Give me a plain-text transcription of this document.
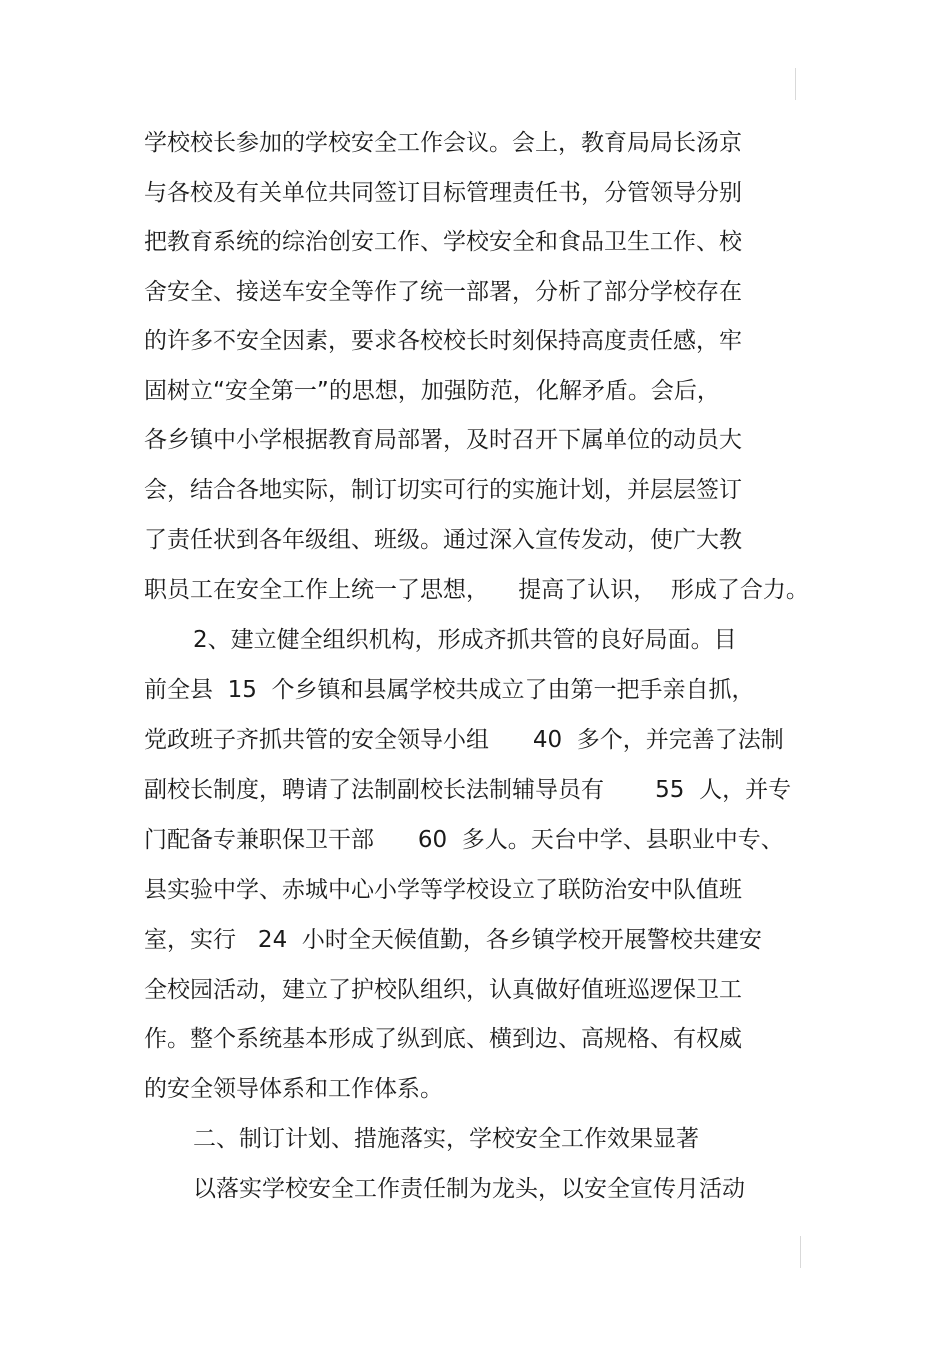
学校校长参加的学校安全工作会议。会上，教育局局长汤京
与各校及有关单位共同签订目标管理责任书，分管领导分别
把教育系统的综治创安工作、学校安全和食品卫生工作、校
舍安全、接送车安全等作了统一部署，分析了部分学校存在
的许多不安全因素，要求各校校长时刻保持高度责任感，牢
固树立“安全第一”的思想，加强防范，化解矛盾。会后，
各乡镇中小学根据教育局部署，及时召开下属单位的动员大
会，结合各地实际，制订切实可行的实施计划，并层层签订
了责任状到各年级组、班级。通过深入宣传发动，使广大教
职员工在安全工作上统一了思想，    提高了认识，  形成了合力。
2、建立健全组织机构，形成齐抓共管的良好局面。目
前全县  15  个乡镇和县属学校共成立了由第一把手亲自抓，
党政班子齐抓共管的安全领导小组      40  多个，并完善了法制
副校长制度，聘请了法制副校长法制辅导员有       55  人，并专
门配备专兼职保卫干部      60  多人。天台中学、县职业中专、
县实验中学、赤城中心小学等学校设立了联防治安中队值班
室，实行   24  小时全天候值勤，各乡镇学校开展警校共建安
全校园活动，建立了护校队组织，认真做好值班巡逻保卫工
作。整个系统基本形成了纵到底、横到边、高规格、有权威
的安全领导体系和工作体系。
二、制订计划、措施落实，学校安全工作效果显著
以落实学校安全工作责任制为龙头，以安全宣传月活动
